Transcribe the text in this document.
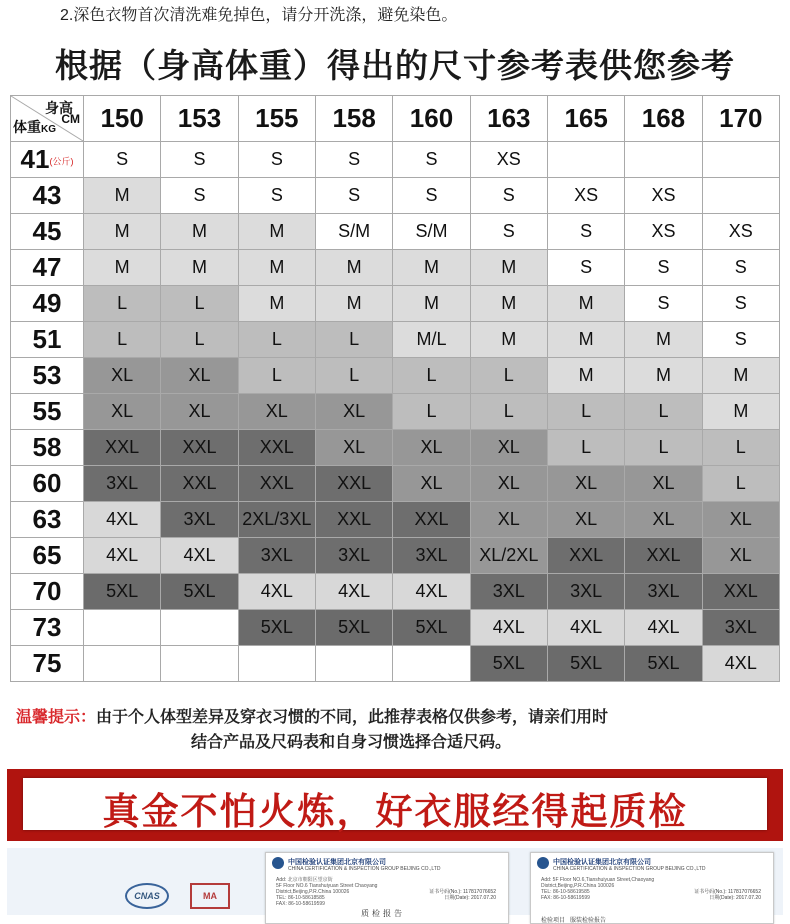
2.深色衣物首次清洗难免掉色，请分开洗涤，避免染色。
根据（身高体重）得出的尺寸参考表供您参考
身高
CM
体重KG	150	153	155	158	160	163	165	168	170
41(公斤)	S	S	S	S	S	XS			
43	M	S	S	S	S	S	XS	XS	
45	M	M	M	S/M	S/M	S	S	XS	XS
47	M	M	M	M	M	M	S	S	S
49	L	L	M	M	M	M	M	S	S
51	L	L	L	L	M/L	M	M	M	S
53	XL	XL	L	L	L	L	M	M	M
55	XL	XL	XL	XL	L	L	L	L	M
58	XXL	XXL	XXL	XL	XL	XL	L	L	L
60	3XL	XXL	XXL	XXL	XL	XL	XL	XL	L
63	4XL	3XL	2XL/3XL	XXL	XXL	XL	XL	XL	XL
65	4XL	4XL	3XL	3XL	3XL	XL/2XL	XXL	XXL	XL
70	5XL	5XL	4XL	4XL	4XL	3XL	3XL	3XL	XXL
73			5XL	5XL	5XL	4XL	4XL	4XL	3XL
75						5XL	5XL	5XL	4XL
温馨提示：由于个人体型差异及穿衣习惯的不同，此推荐表格仅供参考，请亲们用时
结合产品及尺码表和自身习惯选择合适尺码。
真金不怕火炼，好衣服经得起质检
CNAS	MA
中国检验认证集团北京有限公司
CHINA CERTIFICATION & INSPECTION GROUP BEIJING CO.,LTD
Add: 北京市朝阳区望京街
5F Floor NO.6 Tianshuiyuan Street Chaoyang
District,Beijing,P.R.China 100026
TEL: 86-10-58618585
FAX: 86-10-58619599
证书号码(No.): 117817076652
日期(Date): 2017.07.20
质检报告
中国检验认证集团北京有限公司
CHINA CERTIFICATION & INSPECTION GROUP BEIJING CO.,LTD
Add: 5F Floor NO.6,Tianshuiyuan Street,Chaoyang
District,Beijing,P.R.China 100026
TEL: 86-10-58619585
FAX: 86-10-58619599
证书号码(No.): 117817076652
日期(Date): 2017.07.20
检验项目 服装检验报告
